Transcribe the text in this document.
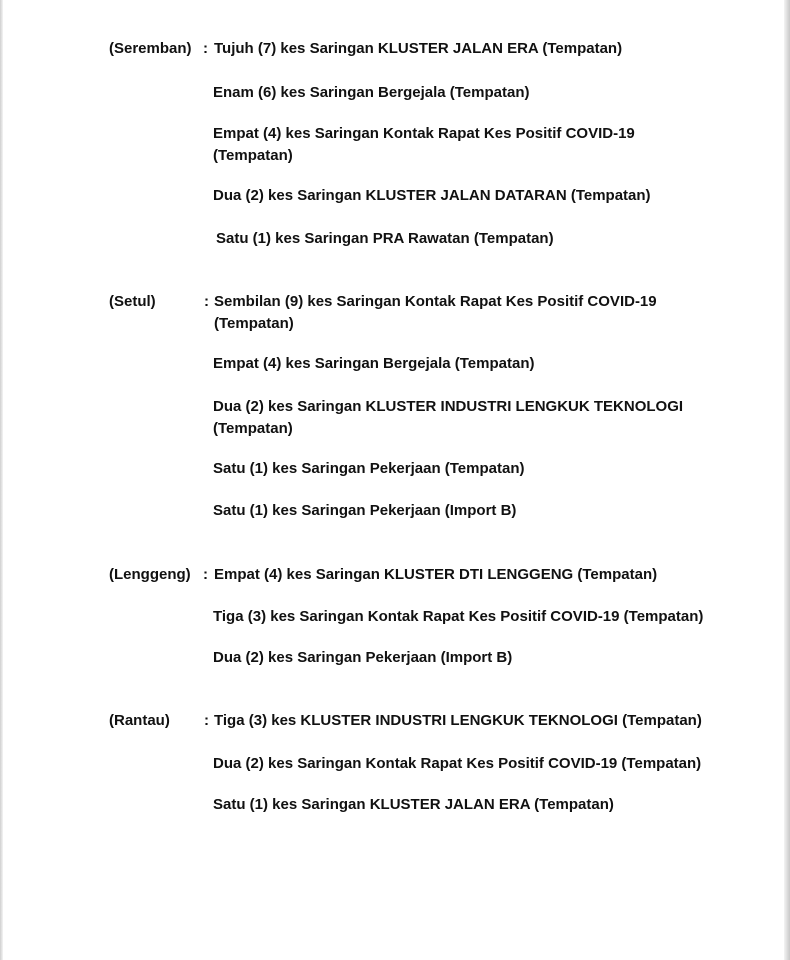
(Seremban) : Tujuh (7) kes Saringan KLUSTER JALAN ERA (Tempatan)
Enam (6) kes Saringan Bergejala (Tempatan)
Empat (4) kes Saringan Kontak Rapat Kes Positif COVID-19 (Tempatan)
Dua (2) kes Saringan KLUSTER JALAN DATARAN (Tempatan)
Satu (1) kes Saringan PRA Rawatan (Tempatan)
(Setul)	: Sembilan (9) kes Saringan Kontak Rapat Kes Positif COVID-19 (Tempatan)
Empat (4) kes Saringan Bergejala (Tempatan)
Dua (2) kes Saringan KLUSTER INDUSTRI LENGKUK TEKNOLOGI (Tempatan)
Satu (1) kes Saringan Pekerjaan (Tempatan)
Satu (1) kes Saringan Pekerjaan (Import B)
(Lenggeng) : Empat (4) kes Saringan KLUSTER DTI LENGGENG (Tempatan)
Tiga (3) kes Saringan Kontak Rapat Kes Positif COVID-19 (Tempatan)
Dua (2) kes Saringan Pekerjaan (Import B)
(Rantau) : Tiga (3) kes KLUSTER INDUSTRI LENGKUK TEKNOLOGI (Tempatan)
Dua (2) kes Saringan Kontak Rapat Kes Positif COVID-19 (Tempatan)
Satu (1) kes Saringan KLUSTER JALAN ERA (Tempatan)
